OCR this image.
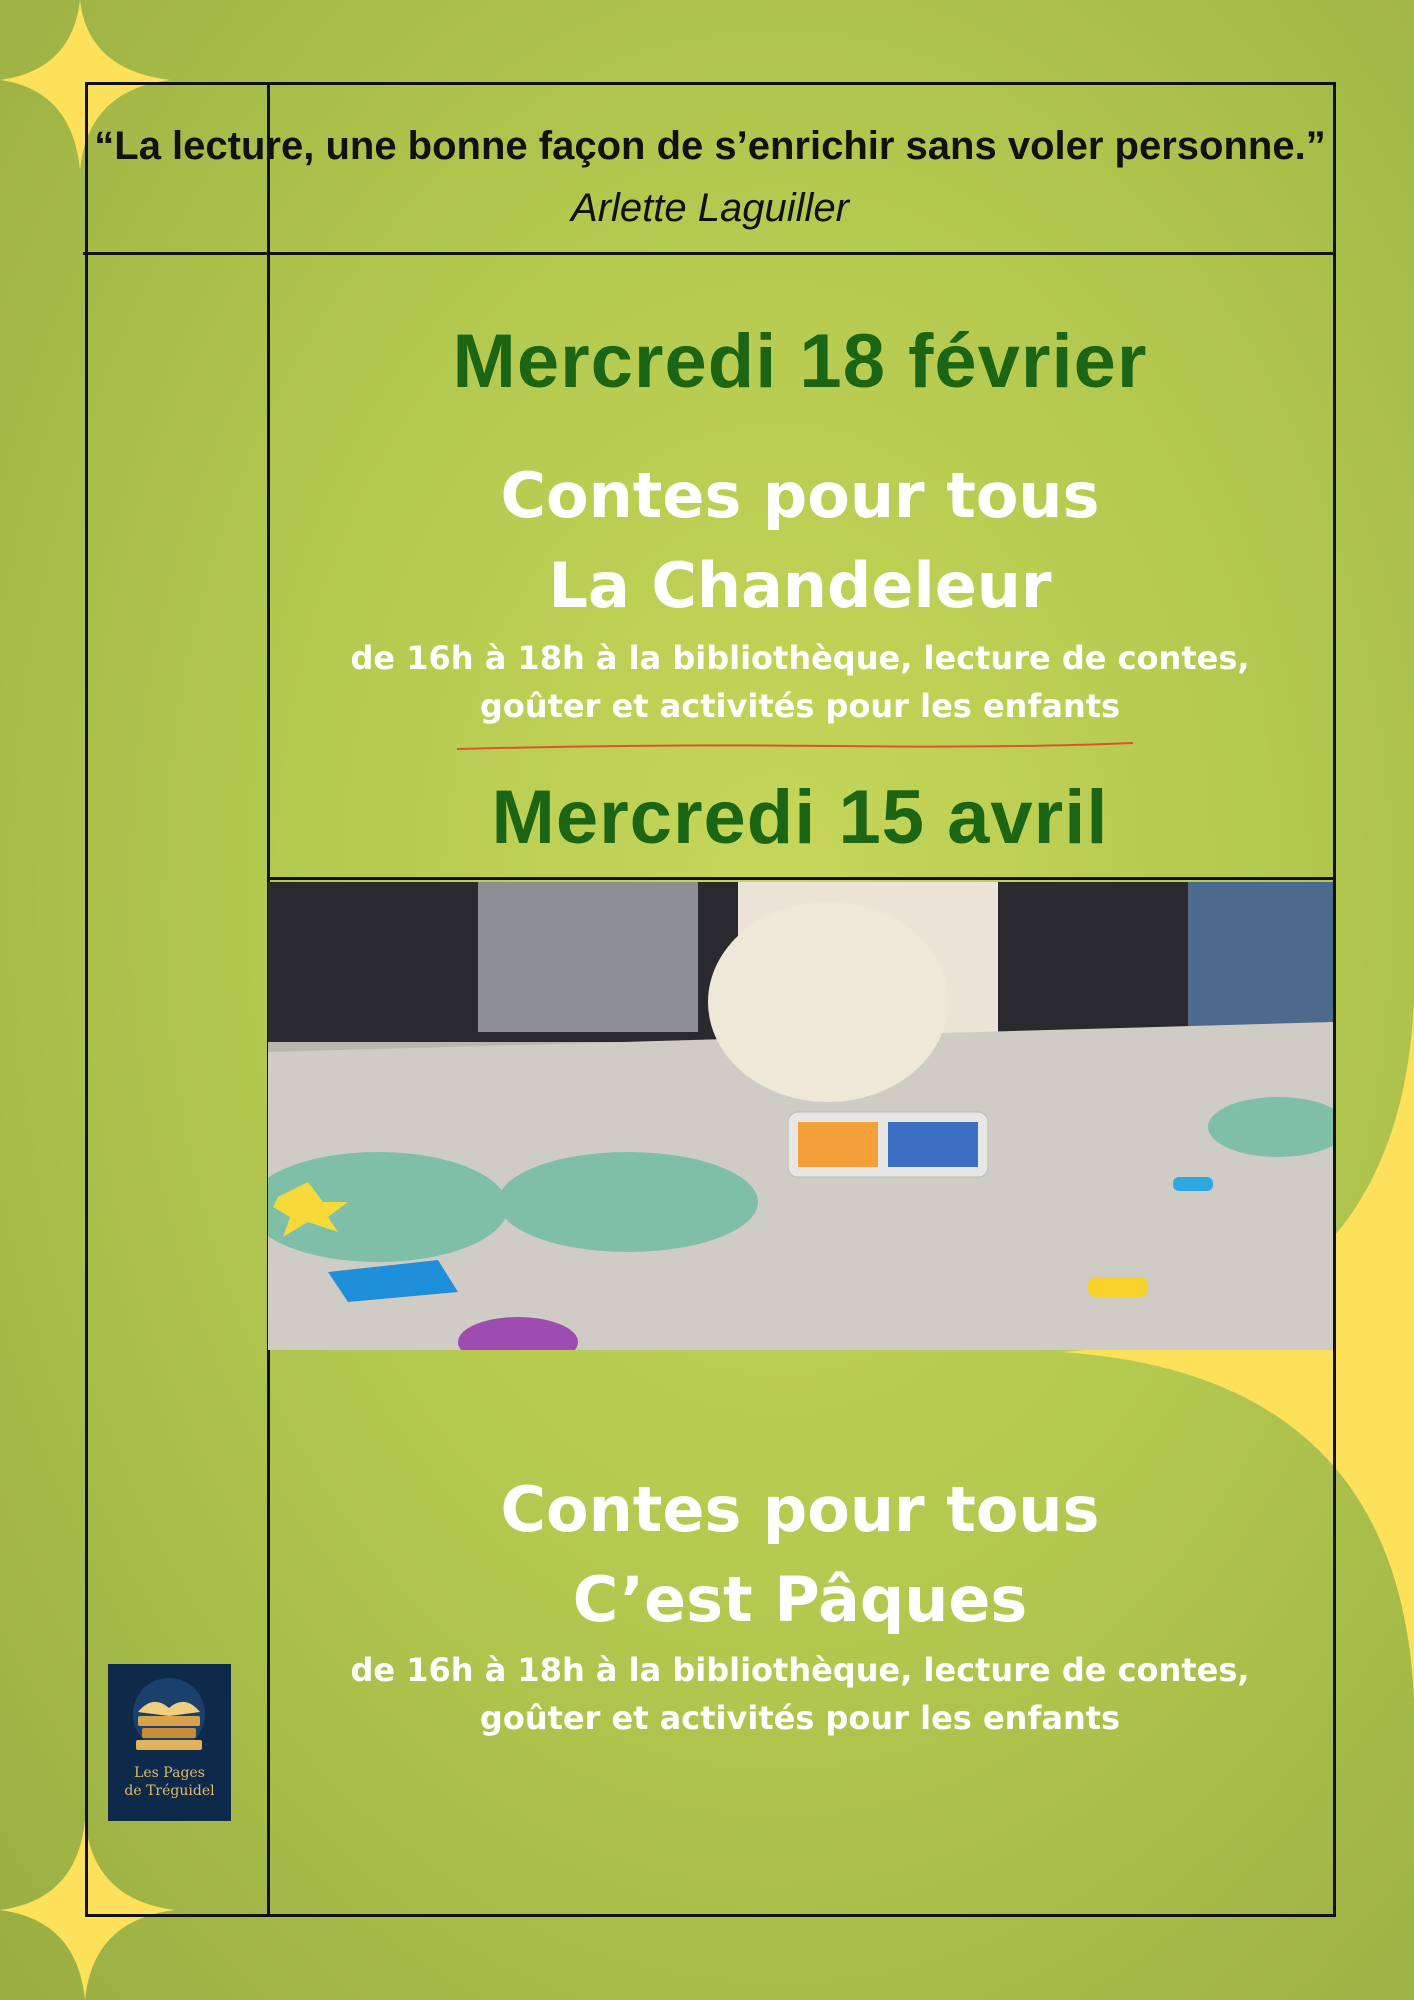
“La lecture, une bonne façon de s’enrichir sans voler personne.” Arlette Laguiller
Mercredi 18 février
Contes pour tous
La Chandeleur
de 16h à 18h à la bibliothèque, lecture de contes, goûter et activités pour les enfants
Mercredi 15 avril
Contes pour tous
C’est Pâques
de 16h à 18h à la bibliothèque, lecture de contes, goûter et activités pour les enfants
Les Pages
de Tréguidel
